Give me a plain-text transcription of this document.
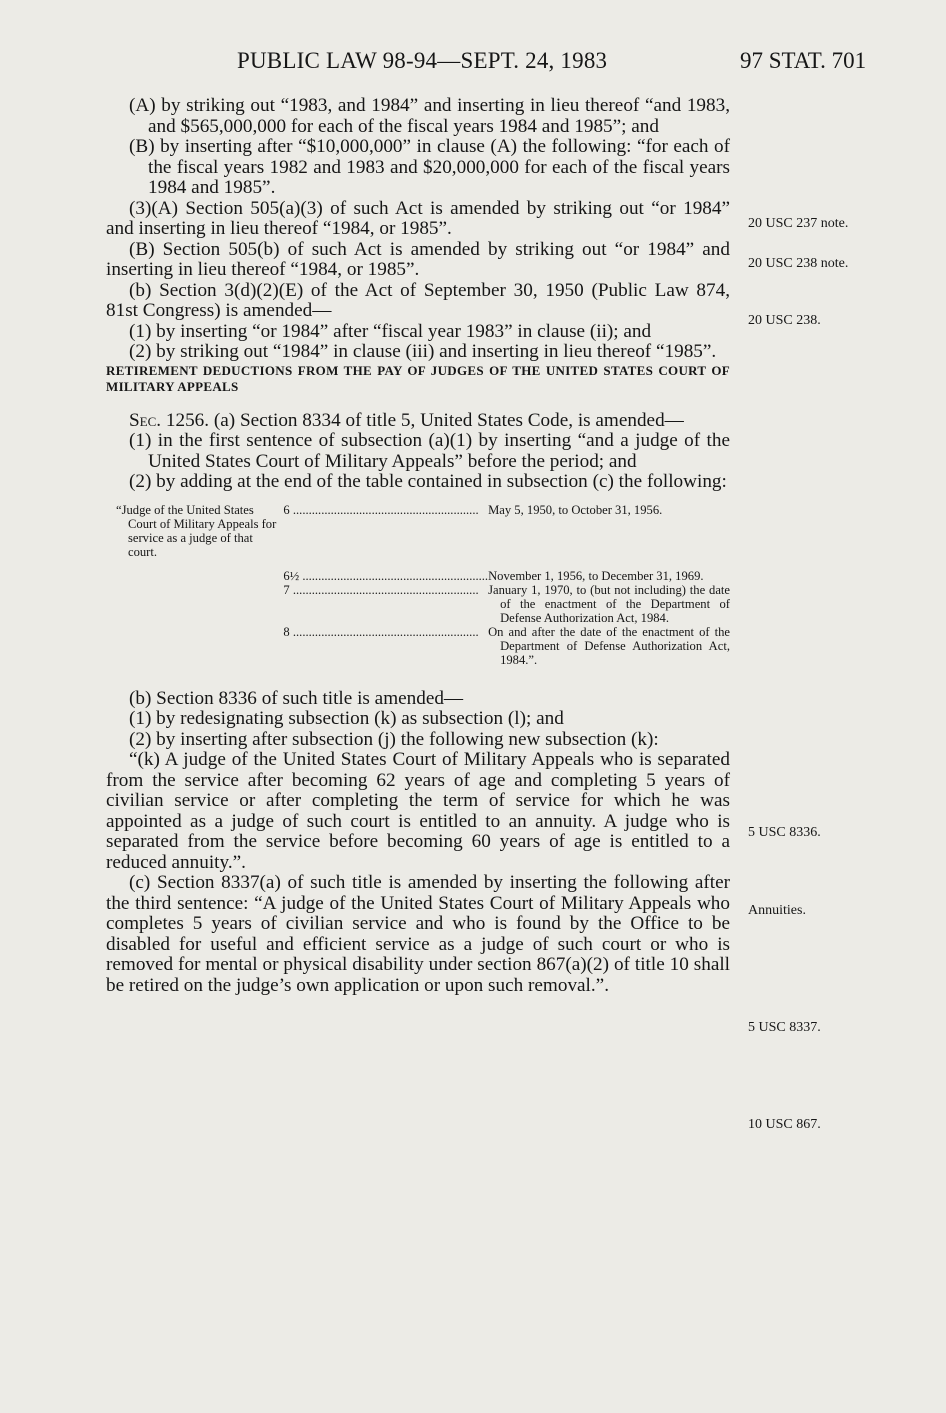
PUBLIC LAW 98-94—SEPT. 24, 1983	97 STAT. 701

(A) by striking out “1983, and 1984” and inserting in lieu thereof “and 1983, and $565,000,000 for each of the fiscal years 1984 and 1985”; and

(B) by inserting after “$10,000,000” in clause (A) the following: “for each of the fiscal years 1982 and 1983 and $20,000,000 for each of the fiscal years 1984 and 1985”.

(3)(A) Section 505(a)(3) of such Act is amended by striking out “or 1984” and inserting in lieu thereof “1984, or 1985”.

(B) Section 505(b) of such Act is amended by striking out “or 1984” and inserting in lieu thereof “1984, or 1985”.

(b) Section 3(d)(2)(E) of the Act of September 30, 1950 (Public Law 874, 81st Congress) is amended—

(1) by inserting “or 1984” after “fiscal year 1983” in clause (ii); and

(2) by striking out “1984” in clause (iii) and inserting in lieu thereof “1985”.

RETIREMENT DEDUCTIONS FROM THE PAY OF JUDGES OF THE UNITED STATES COURT OF MILITARY APPEALS

Sec. 1256. (a) Section 8334 of title 5, United States Code, is amended—

(1) in the first sentence of subsection (a)(1) by inserting “and a judge of the United States Court of Military Appeals” before the period; and

(2) by adding at the end of the table contained in subsection (c) the following:

“Judge of the United States Court of Military Appeals for service as a judge of that court.	6 ...........................................................	May 5, 1950, to October 31, 1956.

	6½ ...........................................................	November 1, 1956, to December 31, 1969.
	7 ...........................................................	January 1, 1970, to (but not including) the date of the enactment of the Department of Defense Authorization Act, 1984.
	8 ...........................................................	On and after the date of the enactment of the Department of Defense Authorization Act, 1984.”.

(b) Section 8336 of such title is amended—

(1) by redesignating subsection (k) as subsection (l); and

(2) by inserting after subsection (j) the following new subsection (k):

“(k) A judge of the United States Court of Military Appeals who is separated from the service after becoming 62 years of age and completing 5 years of civilian service or after completing the term of service for which he was appointed as a judge of such court is entitled to an annuity. A judge who is separated from the service before becoming 60 years of age is entitled to a reduced annuity.”.

(c) Section 8337(a) of such title is amended by inserting the following after the third sentence: “A judge of the United States Court of Military Appeals who completes 5 years of civilian service and who is found by the Office to be disabled for useful and efficient service as a judge of such court or who is removed for mental or physical disability under section 867(a)(2) of title 10 shall be retired on the judge’s own application or upon such removal.”.

20 USC 237 note.
20 USC 238 note.
20 USC 238.
5 USC 8336.
Annuities.
5 USC 8337.
10 USC 867.
